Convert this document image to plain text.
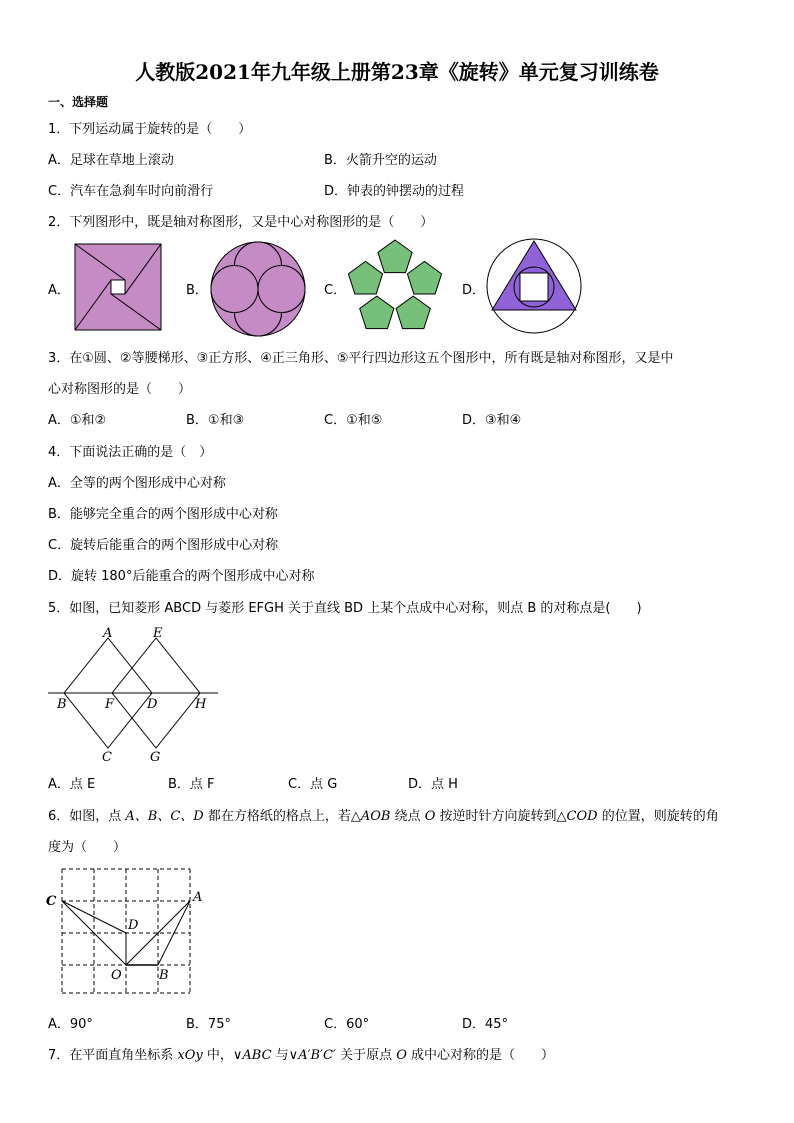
人教版2021年九年级上册第23章《旋转》单元复习训练卷
一、选择题
1．下列运动属于旋转的是（　　）
A．足球在草地上滚动	B．火箭升空的运动
C．汽车在急刹车时向前滑行	D．钟表的钟摆动的过程
2．下列图形中，既是轴对称图形，又是中心对称图形的是（　　）
A．	B．	C．	D．
3．在①圆、②等腰梯形、③正方形、④正三角形、⑤平行四边形这五个图形中，所有既是轴对称图形，又是中
心对称图形的是（　　）
A．①和②	B．①和③	C．①和⑤	D．③和④
4．下面说法正确的是（　）
A．全等的两个图形成中心对称
B．能够完全重合的两个图形成中心对称
C．旋转后能重合的两个图形成中心对称
D．旋转 180°后能重合的两个图形成中心对称
5．如图，已知菱形 ABCD 与菱形 EFGH 关于直线 BD 上某个点成中心对称，则点 B 的对称点是(　　)
A	E
B	F	D	H
C	G
A．点 E	B．点 F	C．点 G	D．点 H
6．如图，点 A、B、C、D 都在方格纸的格点上，若△AOB 绕点 O 按逆时针方向旋转到△COD 的位置，则旋转的角
度为（　　）
C	A
D
O	B
A．90°	B．75°	C．60°	D．45°
7．在平面直角坐标系 xOy 中，∨ABC 与∨A′B′C′ 关于原点 O 成中心对称的是（　　）
